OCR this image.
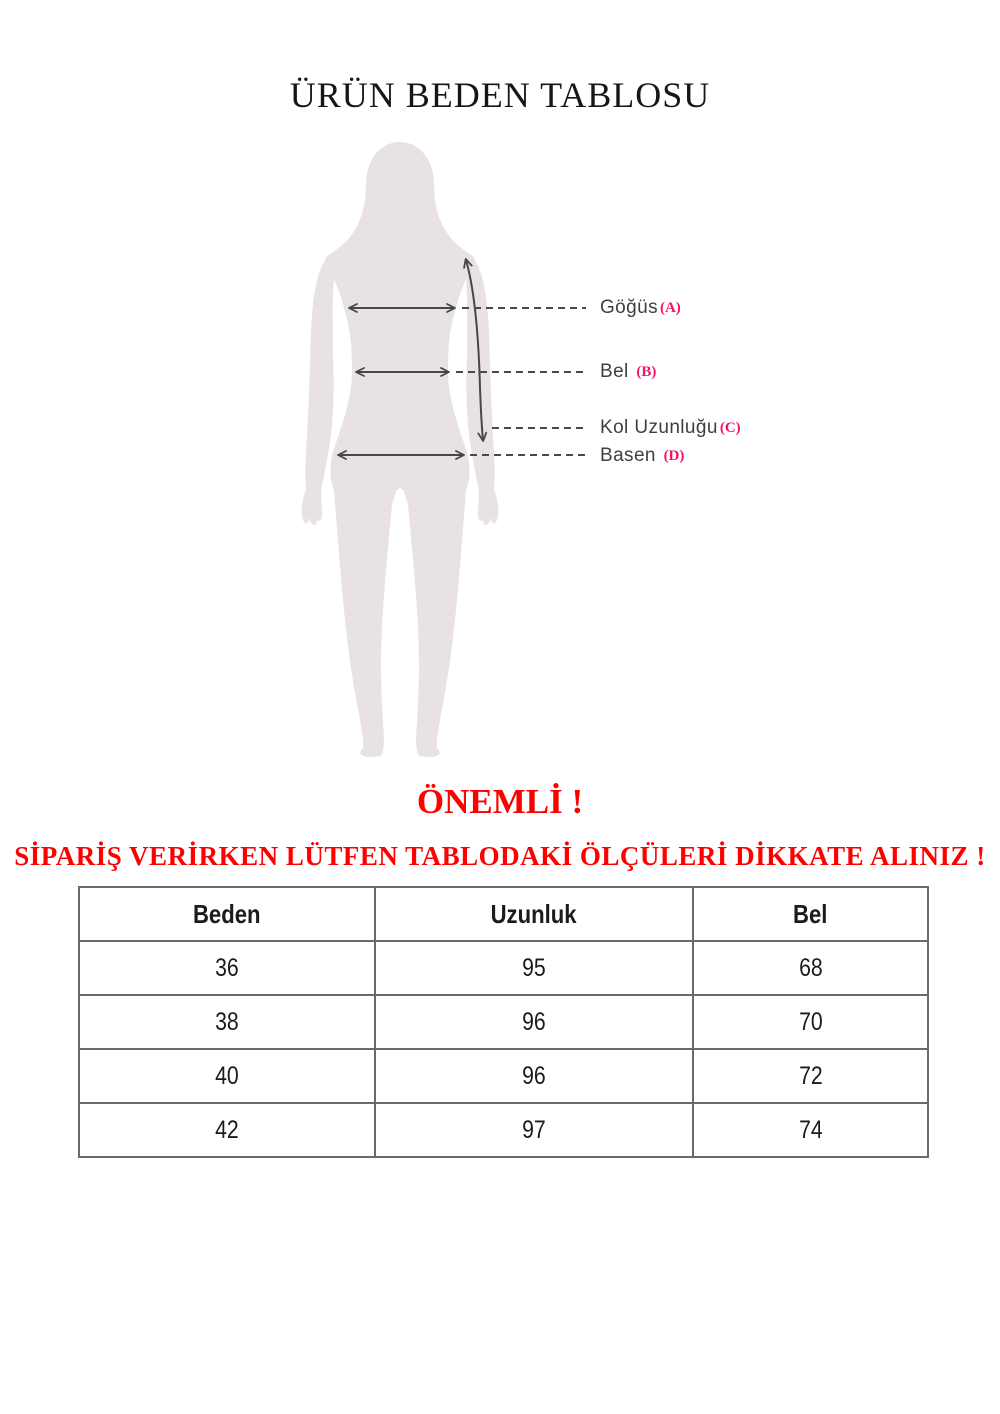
ÜRÜN BEDEN TABLOSU
Göğüs (A)
Bel (B)
Kol Uzunluğu (C)
Basen (D)
ÖNEMLİ !
SİPARİŞ VERİRKEN LÜTFEN TABLODAKİ ÖLÇÜLERİ DİKKATE ALINIZ !
Beden	Uzunluk	Bel
36	95	68
38	96	70
40	96	72
42	97	74
